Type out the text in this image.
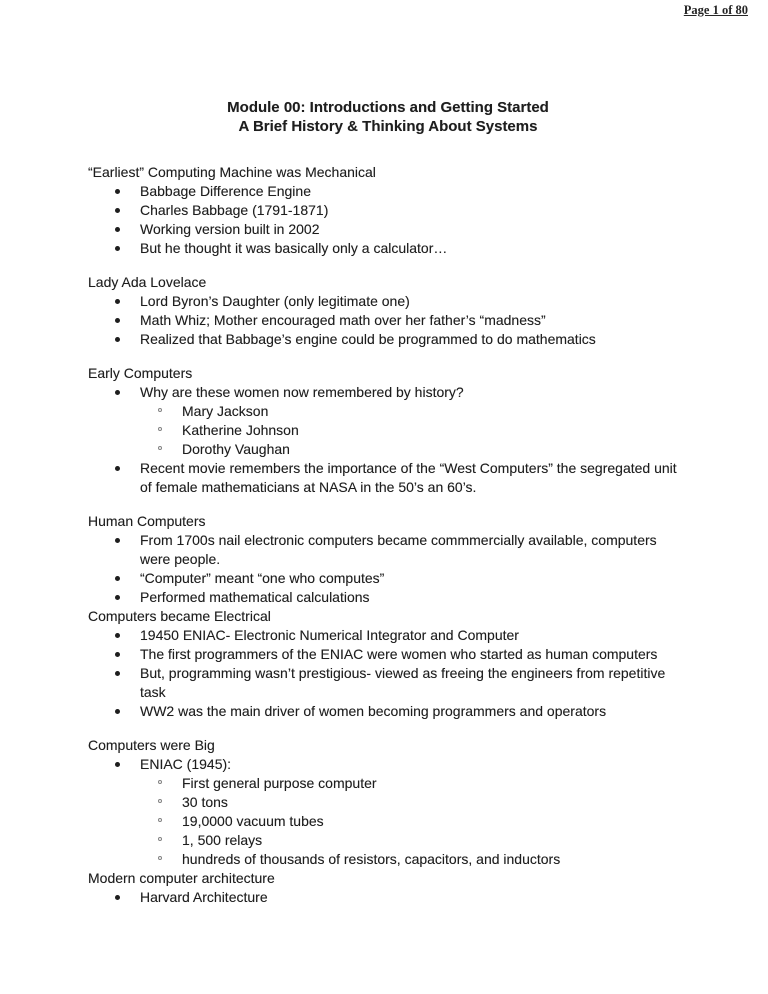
Page 1 of 80
Module 00: Introductions and Getting Started
A Brief History & Thinking About Systems
“Earliest” Computing Machine was Mechanical
Babbage Difference Engine
Charles Babbage (1791-1871)
Working version built in 2002
But he thought it was basically only a calculator…
Lady Ada Lovelace
Lord Byron’s Daughter (only legitimate one)
Math Whiz; Mother encouraged math over her father’s “madness”
Realized that Babbage’s engine could be programmed to do mathematics
Early Computers
Why are these women now remembered by history?
Mary Jackson
Katherine Johnson
Dorothy Vaughan
Recent movie remembers the importance of the “West Computers” the segregated unit of female mathematicians at NASA in the 50’s an 60’s.
Human Computers
From 1700s nail electronic computers became commmercially available, computers were people.
“Computer” meant “one who computes”
Performed mathematical calculations
Computers became Electrical
19450 ENIAC- Electronic Numerical Integrator and Computer
The first programmers of the ENIAC were women who started as human computers
But, programming wasn’t prestigious- viewed as freeing the engineers from repetitive task
WW2 was the main driver of women becoming programmers and operators
Computers were Big
ENIAC (1945):
First general purpose computer
30 tons
19,0000 vacuum tubes
1, 500 relays
hundreds of thousands of resistors, capacitors, and inductors
Modern computer architecture
Harvard Architecture
